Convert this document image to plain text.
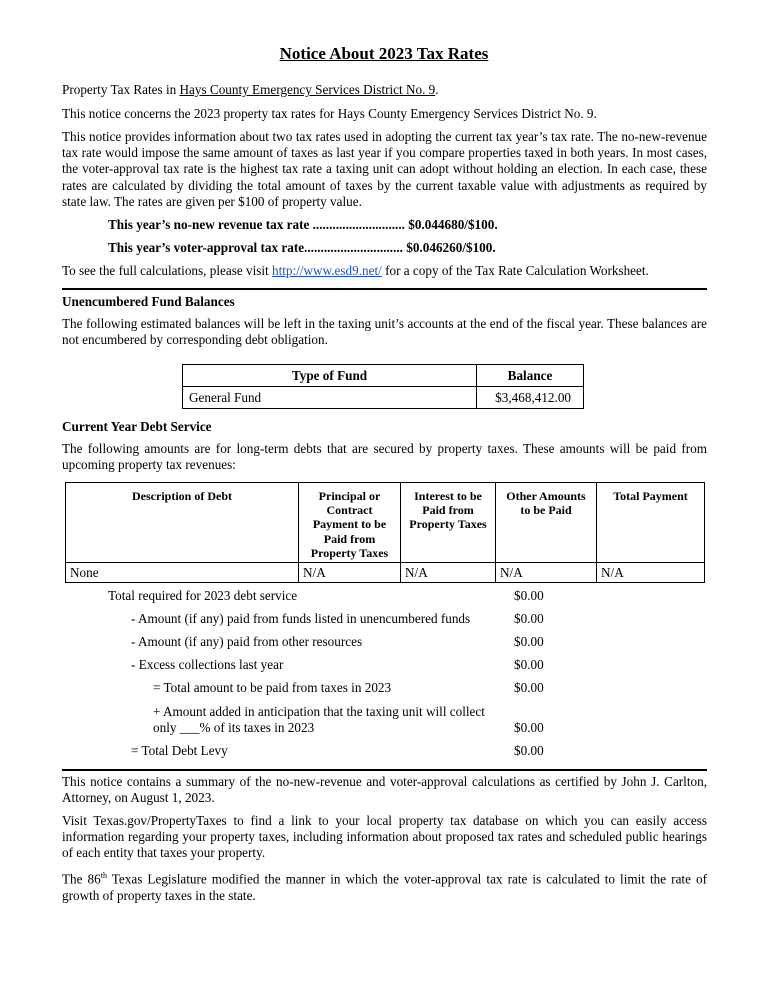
Notice About 2023 Tax Rates
Property Tax Rates in Hays County Emergency Services District No. 9.
This notice concerns the 2023 property tax rates for Hays County Emergency Services District No. 9.

This notice provides information about two tax rates used in adopting the current tax year’s tax rate. The no-new-revenue tax rate would impose the same amount of taxes as last year if you compare properties taxed in both years. In most cases, the voter-approval tax rate is the highest tax rate a taxing unit can adopt without holding an election. In each case, these rates are calculated by dividing the total amount of taxes by the current taxable value with adjustments as required by state law. The rates are given per $100 of property value.

This year’s no-new revenue tax rate ............................ $0.044680/$100.
This year’s voter-approval tax rate.............................. $0.046260/$100.
To see the full calculations, please visit http://www.esd9.net/ for a copy of the Tax Rate Calculation Worksheet.
Unencumbered Fund Balances

The following estimated balances will be left in the taxing unit’s accounts at the end of the fiscal year. These balances are not encumbered by corresponding debt obligation.

Type of Fund	Balance
General Fund	$3,468,412.00
Current Year Debt Service

The following amounts are for long-term debts that are secured by property taxes. These amounts will be paid from upcoming property tax revenues:

Description of Debt	Principal or Contract Payment to be Paid from Property Taxes	Interest to be Paid from Property Taxes	Other Amounts to be Paid	Total Payment
None	N/A	N/A	N/A	N/A
Total required for 2023 debt service	$0.00
- Amount (if any) paid from funds listed in unencumbered funds	$0.00
- Amount (if any) paid from other resources	$0.00
- Excess collections last year	$0.00
= Total amount to be paid from taxes in 2023	$0.00
+ Amount added in anticipation that the taxing unit will collect
only ___% of its taxes in 2023	$0.00
= Total Debt Levy	$0.00

This notice contains a summary of the no-new-revenue and voter-approval calculations as certified by John J. Carlton, Attorney, on August 1, 2023.

Visit Texas.gov/PropertyTaxes to find a link to your local property tax database on which you can easily access information regarding your property taxes, including information about proposed tax rates and scheduled public hearings of each entity that taxes your property.

The 86th Texas Legislature modified the manner in which the voter-approval tax rate is calculated to limit the rate of growth of property taxes in the state.
